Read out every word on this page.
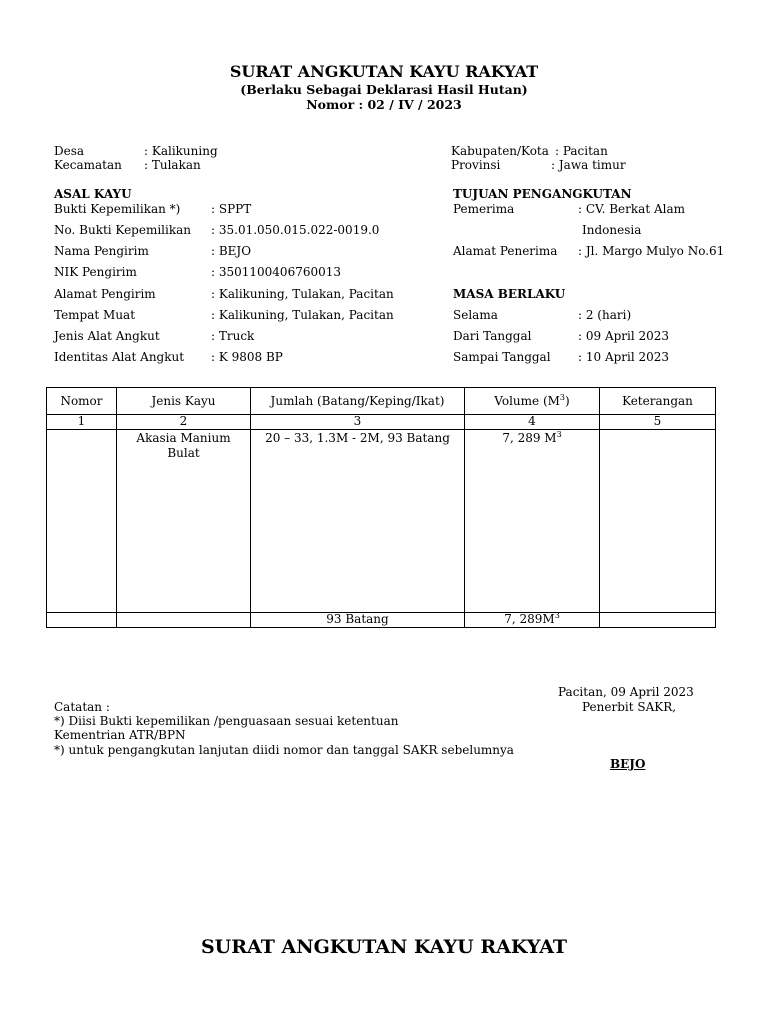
SURAT ANGKUTAN KAYU RAKYAT
(Berlaku Sebagai Deklarasi Hasil Hutan)
Nomor : 02 / IV / 2023
Desa	: Kalikuning
Kecamatan : Tulakan
Kabupaten/Kota : Pacitan
Provinsi	: Jawa timur
ASAL KAYU
Bukti Kepemilikan *)	: SPPT
No. Bukti Kepemilikan : 35.01.050.015.022-0019.0
Nama Pengirim	: BEJO
NIK Pengirim	: 3501100406760013
Alamat Pengirim	: Kalikuning, Tulakan, Pacitan
Tempat Muat	: Kalikuning, Tulakan, Pacitan
Jenis Alat Angkut	: Truck
Identitas Alat Angkut : K 9808 BP
TUJUAN PENGANGKUTAN
Pemerima	: CV. Berkat Alam
Indonesia
Alamat Penerima : Jl. Margo Mulyo No.61
MASA BERLAKU
Selama	: 2 (hari)
Dari Tanggal	: 09 April 2023
Sampai Tanggal : 10 April 2023
Nomor	Jenis Kayu	Jumlah (Batang/Keping/Ikat)	Volume $(M^3)$	Keterangan
1	2	3	4	5
	Akasia Manium Bulat	20 – 33, 1.3M - 2M, 93 Batang	7, 289 $M^3$	
		93 Batang	7, $289M^3$	
Pacitan, 09 April 2023
Penerbit SAKR,
BEJO
Catatan :
*) Diisi Bukti kepemilikan /penguasaan sesuai ketentuan
Kementrian ATR/BPN
*) untuk pengangkutan lanjutan diidi nomor dan tanggal SAKR sebelumnya
SURAT ANGKUTAN KAYU RAKYAT
